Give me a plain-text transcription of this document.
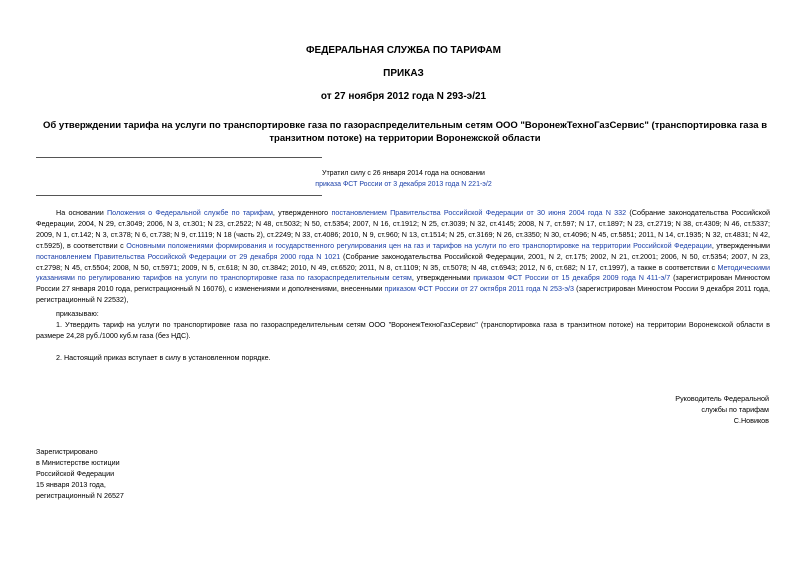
ФЕДЕРАЛЬНАЯ СЛУЖБА ПО ТАРИФАМ
ПРИКАЗ
от 27 ноября 2012 года N 293-э/21
Об утверждении тарифа на услуги по транспортировке газа по газораспределительным сетям ООО "ВоронежТехноГазСервис" (транспортировка газа в транзитном потоке) на территории Воронежской области
Утратил силу с 26 января 2014 года на основании
приказа ФСТ России от 3 декабря 2013 года N 221-э/2
На основании Положения о Федеральной службе по тарифам, утвержденного постановлением Правительства Российской Федерации от 30 июня 2004 года N 332 (Собрание законодательства Российской Федерации, 2004, N 29, ст.3049; 2006, N 3, ст.301; N 23, ст.2522; N 48, ст.5032; N 50, ст.5354; 2007, N 16, ст.1912; N 25, ст.3039; N 32, ст.4145; 2008, N 7, ст.597; N 17, ст.1897; N 23, ст.2719; N 38, ст.4309; N 46, ст.5337; 2009, N 1, ст.142; N 3, ст.378; N 6, ст.738; N 9, ст.1119; N 18 (часть 2), ст.2249; N 33, ст.4086; 2010, N 9, ст.960; N 13, ст.1514; N 25, ст.3169; N 26, ст.3350; N 30, ст.4096; N 45, ст.5851; 2011, N 14, ст.1935; N 32, ст.4831; N 42, ст.5925), в соответствии с Основными положениями формирования и государственного регулирования цен на газ и тарифов на услуги по его транспортировке на территории Российской Федерации, утвержденными постановлением Правительства Российской Федерации от 29 декабря 2000 года N 1021 (Собрание законодательства Российской Федерации, 2001, N 2, ст.175; 2002, N 21, ст.2001; 2006, N 50, ст.5354; 2007, N 23, ст.2798; N 45, ст.5504; 2008, N 50, ст.5971; 2009, N 5, ст.618; N 30, ст.3842; 2010, N 49, ст.6520; 2011, N 8, ст.1109; N 35, ст.5078; N 48, ст.6943; 2012, N 6, ст.682; N 17, ст.1997), а также в соответствии с Методическими указаниями по регулированию тарифов на услуги по транспортировке газа по газораспределительным сетям, утвержденными приказом ФСТ России от 15 декабря 2009 года N 411-э/7 (зарегистрирован Минюстом России 27 января 2010 года, регистрационный N 16076), с изменениями и дополнениями, внесенными приказом ФСТ России от 27 октября 2011 года N 253-э/3 (зарегистрирован Минюстом России 9 декабря 2011 года, регистрационный N 22532),
приказываю:
1. Утвердить тариф на услуги по транспортировке газа по газораспределительным сетям ООО "ВоронежТехноГазСервис" (транспортировка газа в транзитном потоке) на территории Воронежской области в размере 24,28 руб./1000 куб.м газа (без НДС).
2. Настоящий приказ вступает в силу в установленном порядке.
Руководитель Федеральной
службы по тарифам
С.Новиков
Зарегистрировано
в Министерстве юстиции
Российской Федерации
15 января 2013 года,
регистрационный N 26527
